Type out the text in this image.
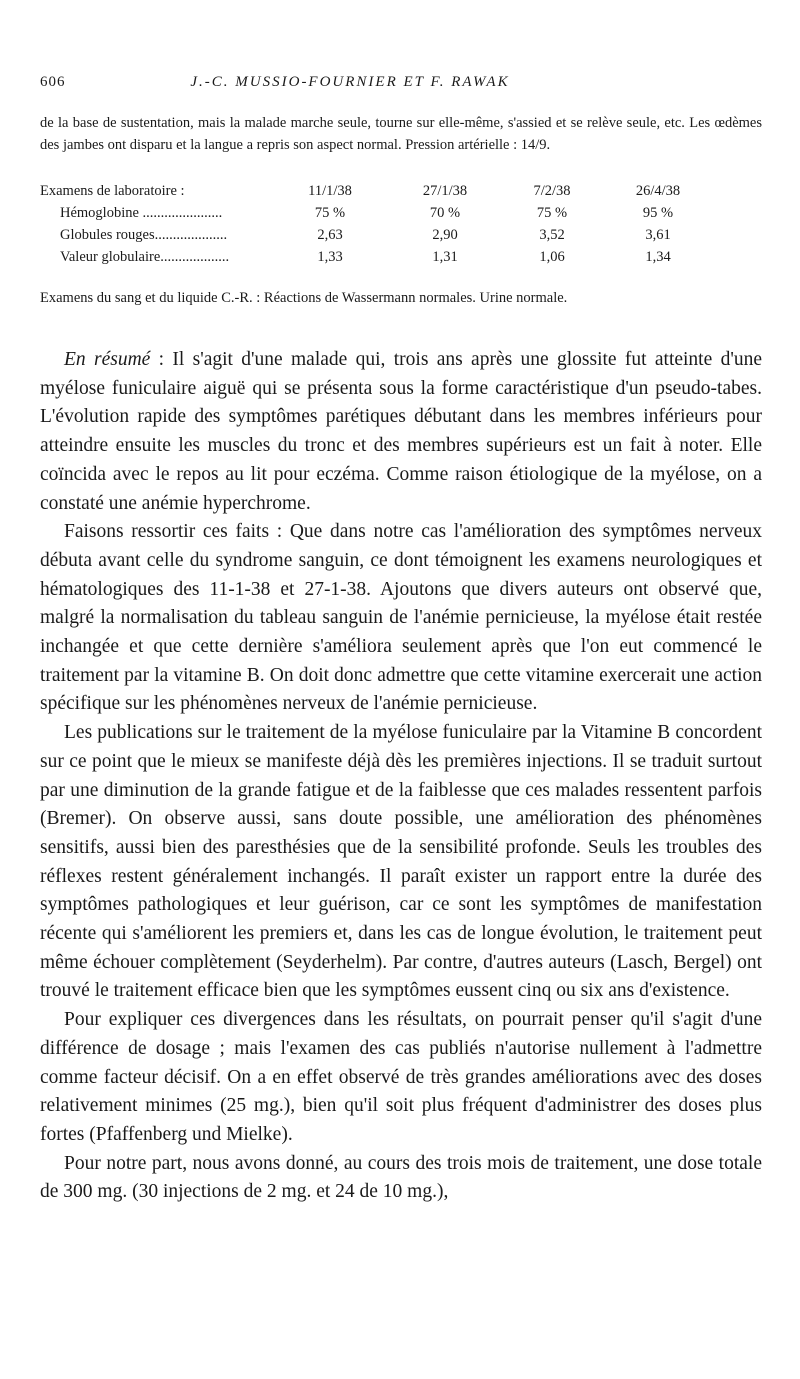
606	J.-C. MUSSIO-FOURNIER ET F. RAWAK
de la base de sustentation, mais la malade marche seule, tourne sur elle-même, s'assied et se relève seule, etc. Les œdèmes des jambes ont disparu et la langue a repris son aspect normal. Pression artérielle : 14/9.
Examens de laboratoire :	11/1/38	27/1/38	7/2/38	26/4/38
Hémoglobine ......................	75 %	70 %	75 %	95 %
Globules rouges....................	2,63	2,90	3,52	3,61
Valeur globulaire...................	1,33	1,31	1,06	1,34
Examens du sang et du liquide C.-R. : Réactions de Wassermann normales. Urine normale.

En résumé : Il s'agit d'une malade qui, trois ans après une glossite fut atteinte d'une myélose funiculaire aiguë qui se présenta sous la forme caractéristique d'un pseudo-tabes. L'évolution rapide des symptômes parétiques débutant dans les membres inférieurs pour atteindre ensuite les muscles du tronc et des membres supérieurs est un fait à noter. Elle coïncida avec le repos au lit pour eczéma. Comme raison étiologique de la myélose, on a constaté une anémie hyperchrome.

Faisons ressortir ces faits : Que dans notre cas l'amélioration des symptômes nerveux débuta avant celle du syndrome sanguin, ce dont témoignent les examens neurologiques et hématologiques des 11-1-38 et 27-1-38. Ajoutons que divers auteurs ont observé que, malgré la normalisation du tableau sanguin de l'anémie pernicieuse, la myélose était restée inchangée et que cette dernière s'améliora seulement après que l'on eut commencé le traitement par la vitamine B. On doit donc admettre que cette vitamine exercerait une action spécifique sur les phénomènes nerveux de l'anémie pernicieuse.

Les publications sur le traitement de la myélose funiculaire par la Vitamine B concordent sur ce point que le mieux se manifeste déjà dès les premières injections. Il se traduit surtout par une diminution de la grande fatigue et de la faiblesse que ces malades ressentent parfois (Bremer). On observe aussi, sans doute possible, une amélioration des phénomènes sensitifs, aussi bien des paresthésies que de la sensibilité profonde. Seuls les troubles des réflexes restent généralement inchangés. Il paraît exister un rapport entre la durée des symptômes pathologiques et leur guérison, car ce sont les symptômes de manifestation récente qui s'améliorent les premiers et, dans les cas de longue évolution, le traitement peut même échouer complètement (Seyderhelm). Par contre, d'autres auteurs (Lasch, Bergel) ont trouvé le traitement efficace bien que les symptômes eussent cinq ou six ans d'existence.

Pour expliquer ces divergences dans les résultats, on pourrait penser qu'il s'agit d'une différence de dosage ; mais l'examen des cas publiés n'autorise nullement à l'admettre comme facteur décisif. On a en effet observé de très grandes améliorations avec des doses relativement minimes (25 mg.), bien qu'il soit plus fréquent d'administrer des doses plus fortes (Pfaffenberg und Mielke).

Pour notre part, nous avons donné, au cours des trois mois de traitement, une dose totale de 300 mg. (30 injections de 2 mg. et 24 de 10 mg.),
